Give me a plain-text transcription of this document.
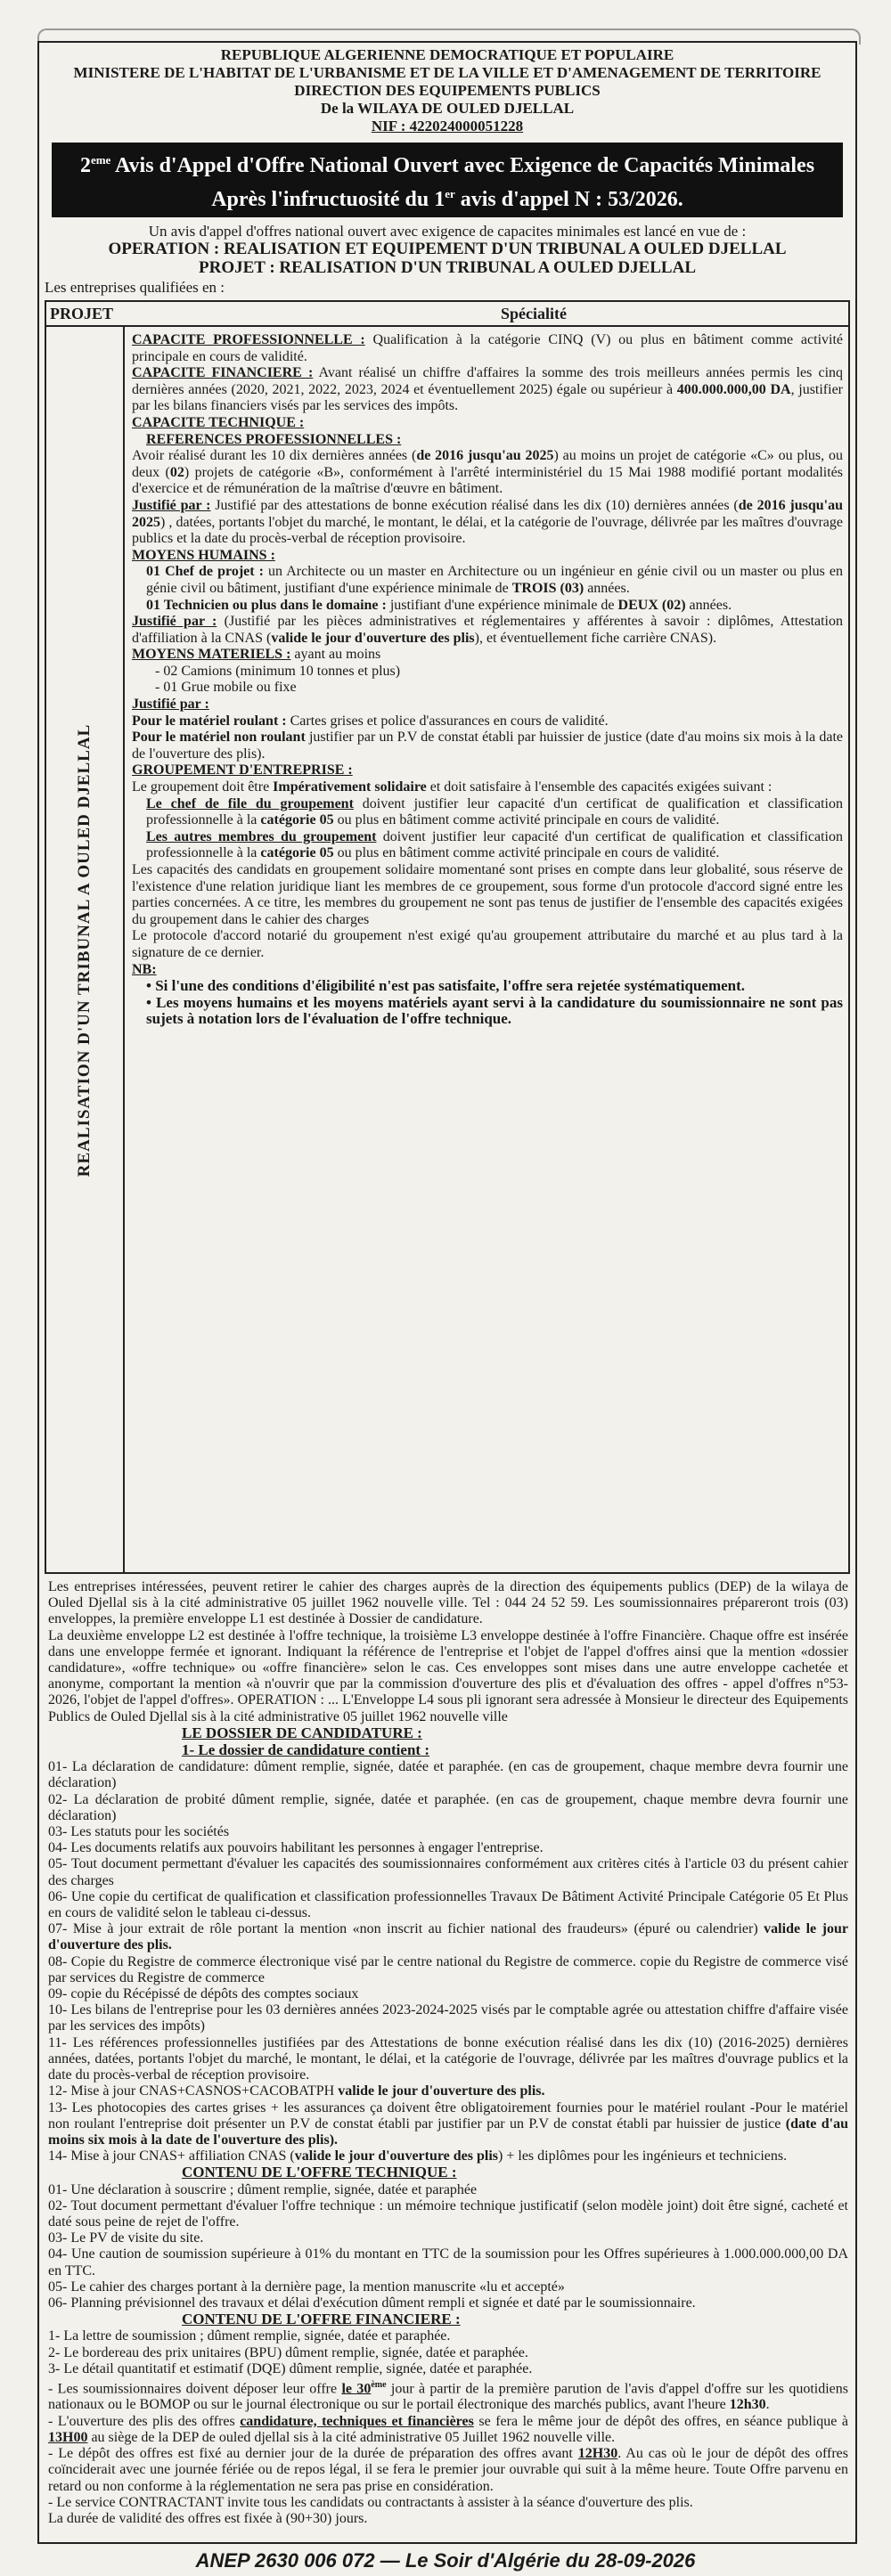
REPUBLIQUE ALGERIENNE DEMOCRATIQUE ET POPULAIRE
MINISTERE DE L'HABITAT DE L'URBANISME ET DE LA VILLE ET D'AMENAGEMENT DE TERRITOIRE
DIRECTION DES EQUIPEMENTS PUBLICS
De la WILAYA DE OULED DJELLAL
NIF : 422024000051228
2eme Avis d'Appel d'Offre National Ouvert avec Exigence de Capacités Minimales
Après l'infructuosité du 1er avis d'appel N : 53/2026.
Un avis d'appel d'offres national ouvert avec exigence de capacites minimales est lancé en vue de :
OPERATION : REALISATION ET EQUIPEMENT D'UN TRIBUNAL A OULED DJELLAL
PROJET : REALISATION D'UN TRIBUNAL A OULED DJELLAL
Les entreprises qualifiées en :
PROJET	Spécialité
REALISATION D'UN TRIBUNAL A OULED DJELLAL

CAPACITE PROFESSIONNELLE : Qualification à la catégorie CINQ (V) ou plus en bâtiment comme activité principale en cours de validité.

CAPACITE FINANCIERE : Avant réalisé un chiffre d'affaires la somme des trois meilleurs années permis les cinq dernières années (2020, 2021, 2022, 2023, 2024 et éventuellement 2025) égale ou supérieur à 400.000.000,00 DA, justifier par les bilans financiers visés par les services des impôts.

CAPACITE TECHNIQUE :

REFERENCES PROFESSIONNELLES :

Avoir réalisé durant les 10 dix dernières années (de 2016 jusqu'au 2025) au moins un projet de catégorie «C» ou plus, ou deux (02) projets de catégorie «B», conformément à l'arrêté interministériel du 15 Mai 1988 modifié portant modalités d'exercice et de rémunération de la maîtrise d'œuvre en bâtiment.

Justifié par : Justifié par des attestations de bonne exécution réalisé dans les dix (10) dernières années (de 2016 jusqu'au 2025) , datées, portants l'objet du marché, le montant, le délai, et la catégorie de l'ouvrage, délivrée par les maîtres d'ouvrage publics et la date du procès-verbal de réception provisoire.

MOYENS HUMAINS :

01 Chef de projet : un Architecte ou un master en Architecture ou un ingénieur en génie civil ou un master ou plus en génie civil ou bâtiment, justifiant d'une expérience minimale de TROIS (03) années.

01 Technicien ou plus dans le domaine : justifiant d'une expérience minimale de DEUX (02) années.

Justifié par : (Justifié par les pièces administratives et réglementaires y afférentes à savoir : diplômes, Attestation d'affiliation à la CNAS (valide le jour d'ouverture des plis), et éventuellement fiche carrière CNAS).

MOYENS MATERIELS : ayant au moins

- 02 Camions (minimum 10 tonnes et plus)

- 01 Grue mobile ou fixe

Justifié par :

Pour le matériel roulant : Cartes grises et police d'assurances en cours de validité.

Pour le matériel non roulant justifier par un P.V de constat établi par huissier de justice (date d'au moins six mois à la date de l'ouverture des plis).

GROUPEMENT D'ENTREPRISE :

Le groupement doit être Impérativement solidaire et doit satisfaire à l'ensemble des capacités exigées suivant :

Le chef de file du groupement doivent justifier leur capacité d'un certificat de qualification et classification professionnelle à la catégorie 05 ou plus en bâtiment comme activité principale en cours de validité.

Les autres membres du groupement doivent justifier leur capacité d'un certificat de qualification et classification professionnelle à la catégorie 05 ou plus en bâtiment comme activité principale en cours de validité.

Les capacités des candidats en groupement solidaire momentané sont prises en compte dans leur globalité, sous réserve de l'existence d'une relation juridique liant les membres de ce groupement, sous forme d'un protocole d'accord signé entre les parties concernées. A ce titre, les membres du groupement ne sont pas tenus de justifier de l'ensemble des capacités exigées du groupement dans le cahier des charges

Le protocole d'accord notarié du groupement n'est exigé qu'au groupement attributaire du marché et au plus tard à la signature de ce dernier.

NB:

• Si l'une des conditions d'éligibilité n'est pas satisfaite, l'offre sera rejetée systématiquement.

• Les moyens humains et les moyens matériels ayant servi à la candidature du soumissionnaire ne sont pas sujets à notation lors de l'évaluation de l'offre technique.

Les entreprises intéressées, peuvent retirer le cahier des charges auprès de la direction des équipements publics (DEP) de la wilaya de Ouled Djellal sis à la cité administrative 05 juillet 1962 nouvelle ville. Tel : 044 24 52 59. Les soumissionnaires prépareront trois (03) enveloppes, la première enveloppe L1 est destinée à Dossier de candidature.

La deuxième enveloppe L2 est destinée à l'offre technique, la troisième L3 enveloppe destinée à l'offre Financière. Chaque offre est insérée dans une enveloppe fermée et ignorant. Indiquant la référence de l'entreprise et l'objet de l'appel d'offres ainsi que la mention «dossier candidature», «offre technique» ou «offre financière» selon le cas. Ces enveloppes sont mises dans une autre enveloppe cachetée et anonyme, comportant la mention «à n'ouvrir que par la commission d'ouverture des plis et d'évaluation des offres - appel d'offres n°53-2026, l'objet de l'appel d'offres». OPERATION : ... L'Enveloppe L4 sous pli ignorant sera adressée à Monsieur le directeur des Equipements Publics de Ouled Djellal sis à la cité administrative 05 juillet 1962 nouvelle ville

LE DOSSIER DE CANDIDATURE :

1- Le dossier de candidature contient :

01- La déclaration de candidature: dûment remplie, signée, datée et paraphée. (en cas de groupement, chaque membre devra fournir une déclaration)

02- La déclaration de probité dûment remplie, signée, datée et paraphée. (en cas de groupement, chaque membre devra fournir une déclaration)

03- Les statuts pour les sociétés

04- Les documents relatifs aux pouvoirs habilitant les personnes à engager l'entreprise.

05- Tout document permettant d'évaluer les capacités des soumissionnaires conformément aux critères cités à l'article 03 du présent cahier des charges

06- Une copie du certificat de qualification et classification professionnelles Travaux De Bâtiment Activité Principale Catégorie 05 Et Plus en cours de validité selon le tableau ci-dessus.

07- Mise à jour extrait de rôle portant la mention «non inscrit au fichier national des fraudeurs» (épuré ou calendrier) valide le jour d'ouverture des plis.

08- Copie du Registre de commerce électronique visé par le centre national du Registre de commerce. copie du Registre de commerce visé par services du Registre de commerce

09- copie du Récépissé de dépôts des comptes sociaux

10- Les bilans de l'entreprise pour les 03 dernières années 2023-2024-2025 visés par le comptable agrée ou attestation chiffre d'affaire visée par les services des impôts)

11- Les références professionnelles justifiées par des Attestations de bonne exécution réalisé dans les dix (10) (2016-2025) dernières années, datées, portants l'objet du marché, le montant, le délai, et la catégorie de l'ouvrage, délivrée par les maîtres d'ouvrage publics et la date du procès-verbal de réception provisoire.

12- Mise à jour CNAS+CASNOS+CACOBATPH valide le jour d'ouverture des plis.

13- Les photocopies des cartes grises + les assurances ça doivent être obligatoirement fournies pour le matériel roulant -Pour le matériel non roulant l'entreprise doit présenter un P.V de constat établi par justifier par un P.V de constat établi par huissier de justice (date d'au moins six mois à la date de l'ouverture des plis).

14- Mise à jour CNAS+ affiliation CNAS (valide le jour d'ouverture des plis) + les diplômes pour les ingénieurs et techniciens.

CONTENU DE L'OFFRE TECHNIQUE :

01- Une déclaration à souscrire ; dûment remplie, signée, datée et paraphée

02- Tout document permettant d'évaluer l'offre technique : un mémoire technique justificatif (selon modèle joint) doit être signé, cacheté et daté sous peine de rejet de l'offre.

03- Le PV de visite du site.

04- Une caution de soumission supérieure à 01% du montant en TTC de la soumission pour les Offres supérieures à 1.000.000.000,00 DA en TTC.

05- Le cahier des charges portant à la dernière page, la mention manuscrite «lu et accepté»

06- Planning prévisionnel des travaux et délai d'exécution dûment rempli et signée et daté par le soumissionnaire.

CONTENU DE L'OFFRE FINANCIERE :

1- La lettre de soumission ; dûment remplie, signée, datée et paraphée.

2- Le bordereau des prix unitaires (BPU) dûment remplie, signée, datée et paraphée.

3- Le détail quantitatif et estimatif (DQE) dûment remplie, signée, datée et paraphée.

- Les soumissionnaires doivent déposer leur offre le 30ème jour à partir de la première parution de l'avis d'appel d'offre sur les quotidiens nationaux ou le BOMOP ou sur le journal électronique ou sur le portail électronique des marchés publics, avant l'heure 12h30.

- L'ouverture des plis des offres candidature, techniques et financières se fera le même jour de dépôt des offres, en séance publique à 13H00 au siège de la DEP de ouled djellal sis à la cité administrative 05 Juillet 1962 nouvelle ville.

- Le dépôt des offres est fixé au dernier jour de la durée de préparation des offres avant 12H30. Au cas où le jour de dépôt des offres coïnciderait avec une journée fériée ou de repos légal, il se fera le premier jour ouvrable qui suit à la même heure. Toute Offre parvenu en retard ou non conforme à la réglementation ne sera pas prise en considération.

- Le service CONTRACTANT invite tous les candidats ou contractants à assister à la séance d'ouverture des plis.

La durée de validité des offres est fixée à (90+30) jours.

ANEP 2630 006 072 — Le Soir d'Algérie du 28-09-2026
